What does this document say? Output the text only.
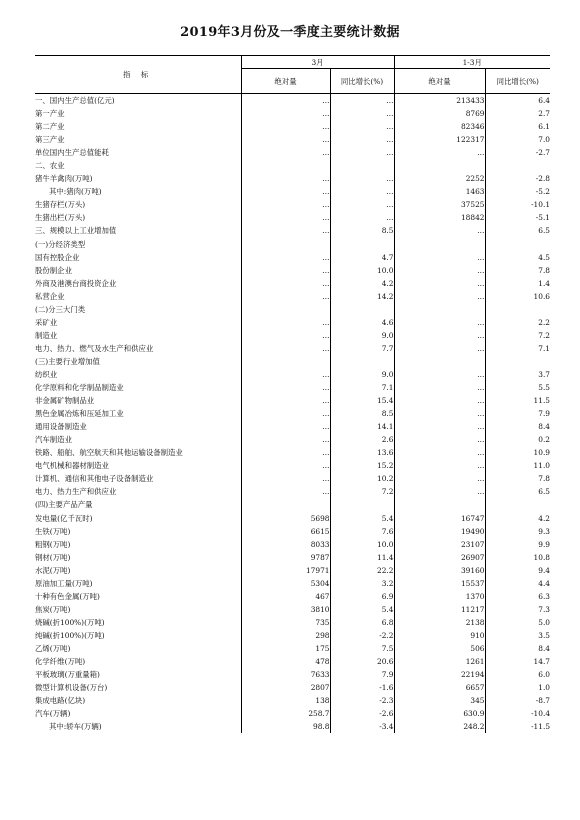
2019年3月份及一季度主要统计数据
指 标	3月		1-3月	
	绝对量	同比增长(%)	绝对量	同比增长(%)
一、国内生产总值(亿元)	…	…	213433	6.4
第一产业	…	…	8769	2.7
第二产业	…	…	82346	6.1
第三产业	…	…	122317	7.0
单位国内生产总值能耗	…	…	…	-2.7
二、农业				
猪牛羊禽肉(万吨)	…	…	2252	-2.8
其中:猪肉(万吨)	…	…	1463	-5.2
生猪存栏(万头)	…	…	37525	-10.1
生猪出栏(万头)	…	…	18842	-5.1
三、规模以上工业增加值	…	8.5	…	6.5
(一)分经济类型				
国有控股企业	…	4.7	…	4.5
股份制企业	…	10.0	…	7.8
外商及港澳台商投资企业	…	4.2	…	1.4
私营企业	…	14.2	…	10.6
(二)分三大门类				
采矿业	…	4.6	…	2.2
制造业	…	9.0	…	7.2
电力、热力、燃气及水生产和供应业	…	7.7	…	7.1
(三)主要行业增加值				
纺织业	…	9.0	…	3.7
化学原料和化学制品制造业	…	7.1	…	5.5
非金属矿物制品业	…	15.4	…	11.5
黑色金属冶炼和压延加工业	…	8.5	…	7.9
通用设备制造业	…	14.1	…	8.4
汽车制造业	…	2.6	…	0.2
铁路、船舶、航空航天和其他运输设备制造业	…	13.6	…	10.9
电气机械和器材制造业	…	15.2	…	11.0
计算机、通信和其他电子设备制造业	…	10.2	…	7.8
电力、热力生产和供应业	…	7.2	…	6.5
(四)主要产品产量				
发电量(亿千瓦时)	5698	5.4	16747	4.2
生铁(万吨)	6615	7.6	19490	9.3
粗钢(万吨)	8033	10.0	23107	9.9
钢材(万吨)	9787	11.4	26907	10.8
水泥(万吨)	17971	22.2	39160	9.4
原油加工量(万吨)	5304	3.2	15537	4.4
十种有色金属(万吨)	467	6.9	1370	6.3
焦炭(万吨)	3810	5.4	11217	7.3
烧碱(折100%)(万吨)	735	6.8	2138	5.0
纯碱(折100%)(万吨)	298	-2.2	910	3.5
乙烯(万吨)	175	7.5	506	8.4
化学纤维(万吨)	478	20.6	1261	14.7
平板玻璃(万重量箱)	7633	7.9	22194	6.0
微型计算机设备(万台)	2807	-1.6	6657	1.0
集成电路(亿块)	138	-2.3	345	-8.7
汽车(万辆)	258.7	-2.6	630.9	-10.4
其中:轿车(万辆)	98.8	-3.4	248.2	-11.5
